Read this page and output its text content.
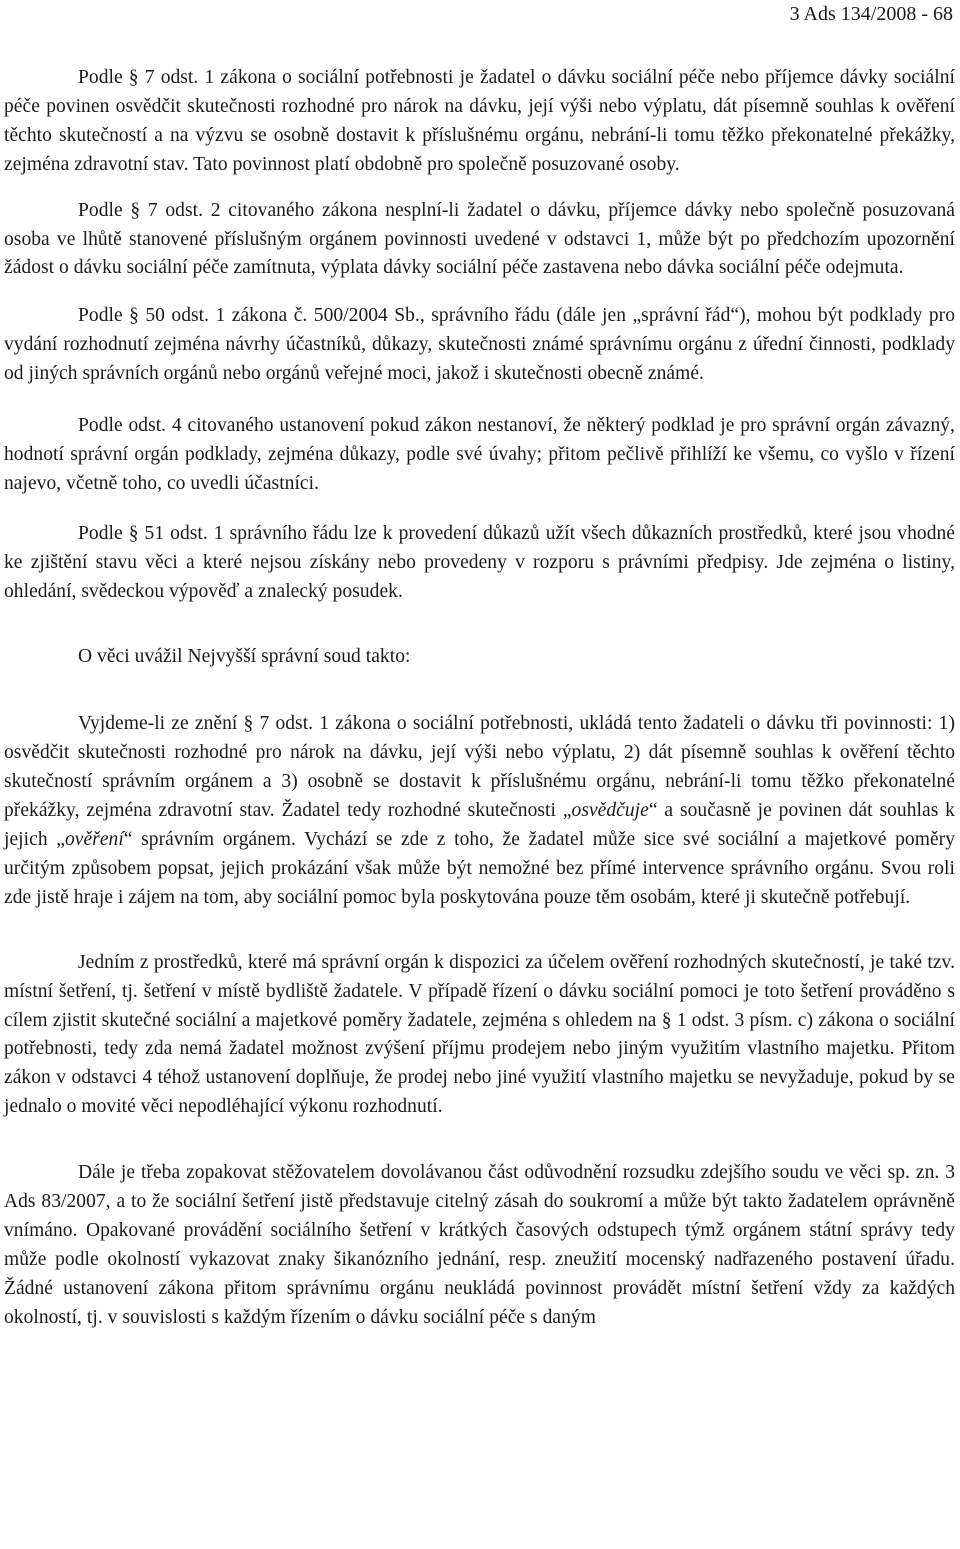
3 Ads 134/2008 - 68

Podle § 7 odst. 1 zákona o sociální potřebnosti je žadatel o dávku sociální péče nebo příjemce dávky sociální péče povinen osvědčit skutečnosti rozhodné pro nárok na dávku, její výši nebo výplatu, dát písemně souhlas k ověření těchto skutečností a na výzvu se osobně dostavit k příslušnému orgánu, nebrání-li tomu těžko překonatelné překážky, zejména zdravotní stav. Tato povinnost platí obdobně pro společně posuzované osoby.

Podle § 7 odst. 2 citovaného zákona nesplní-li žadatel o dávku, příjemce dávky nebo společně posuzovaná osoba ve lhůtě stanovené příslušným orgánem povinnosti uvedené v odstavci 1, může být po předchozím upozornění žádost o dávku sociální péče zamítnuta, výplata dávky sociální péče zastavena nebo dávka sociální péče odejmuta.

Podle § 50 odst. 1 zákona č. 500/2004 Sb., správního řádu (dále jen „správní řád“), mohou být podklady pro vydání rozhodnutí zejména návrhy účastníků, důkazy, skutečnosti známé správnímu orgánu z úřední činnosti, podklady od jiných správních orgánů nebo orgánů veřejné moci, jakož i skutečnosti obecně známé.

Podle odst. 4 citovaného ustanovení pokud zákon nestanoví, že některý podklad je pro správní orgán závazný, hodnotí správní orgán podklady, zejména důkazy, podle své úvahy; přitom pečlivě přihlíží ke všemu, co vyšlo v řízení najevo, včetně toho, co uvedli účastníci.

Podle § 51 odst. 1 správního řádu lze k provedení důkazů užít všech důkazních prostředků, které jsou vhodné ke zjištění stavu věci a které nejsou získány nebo provedeny v rozporu s právními předpisy. Jde zejména o listiny, ohledání, svědeckou výpověď a znalecký posudek.

O věci uvážil Nejvyšší správní soud takto:

Vyjdeme-li ze znění § 7 odst. 1 zákona o sociální potřebnosti, ukládá tento žadateli o dávku tři povinnosti: 1) osvědčit skutečnosti rozhodné pro nárok na dávku, její výši nebo výplatu, 2) dát písemně souhlas k ověření těchto skutečností správním orgánem a 3) osobně se dostavit k příslušnému orgánu, nebrání-li tomu těžko překonatelné překážky, zejména zdravotní stav. Žadatel tedy rozhodné skutečnosti „osvědčuje“ a současně je povinen dát souhlas k jejich „ověření“ správním orgánem. Vychází se zde z toho, že žadatel může sice své sociální a majetkové poměry určitým způsobem popsat, jejich prokázání však může být nemožné bez přímé intervence správního orgánu. Svou roli zde jistě hraje i zájem na tom, aby sociální pomoc byla poskytována pouze těm osobám, které ji skutečně potřebují.

Jedním z prostředků, které má správní orgán k dispozici za účelem ověření rozhodných skutečností, je také tzv. místní šetření, tj. šetření v místě bydliště žadatele. V případě řízení o dávku sociální pomoci je toto šetření prováděno s cílem zjistit skutečné sociální a majetkové poměry žadatele, zejména s ohledem na § 1 odst. 3 písm. c) zákona o sociální potřebnosti, tedy zda nemá žadatel možnost zvýšení příjmu prodejem nebo jiným využitím vlastního majetku. Přitom zákon v odstavci 4 téhož ustanovení doplňuje, že prodej nebo jiné využití vlastního majetku se nevyžaduje, pokud by se jednalo o movité věci nepodléhající výkonu rozhodnutí.

Dále je třeba zopakovat stěžovatelem dovolávanou část odůvodnění rozsudku zdejšího soudu ve věci sp. zn. 3 Ads 83/2007, a to že sociální šetření jistě představuje citelný zásah do soukromí a může být takto žadatelem oprávněně vnímáno. Opakované provádění sociálního šetření v krátkých časových odstupech týmž orgánem státní správy tedy může podle okolností vykazovat znaky šikanózního jednání, resp. zneužití mocenský nadřazeného postavení úřadu. Žádné ustanovení zákona přitom správnímu orgánu neukládá povinnost provádět místní šetření vždy za každých okolností, tj. v souvislosti s každým řízením o dávku sociální péče s daným
